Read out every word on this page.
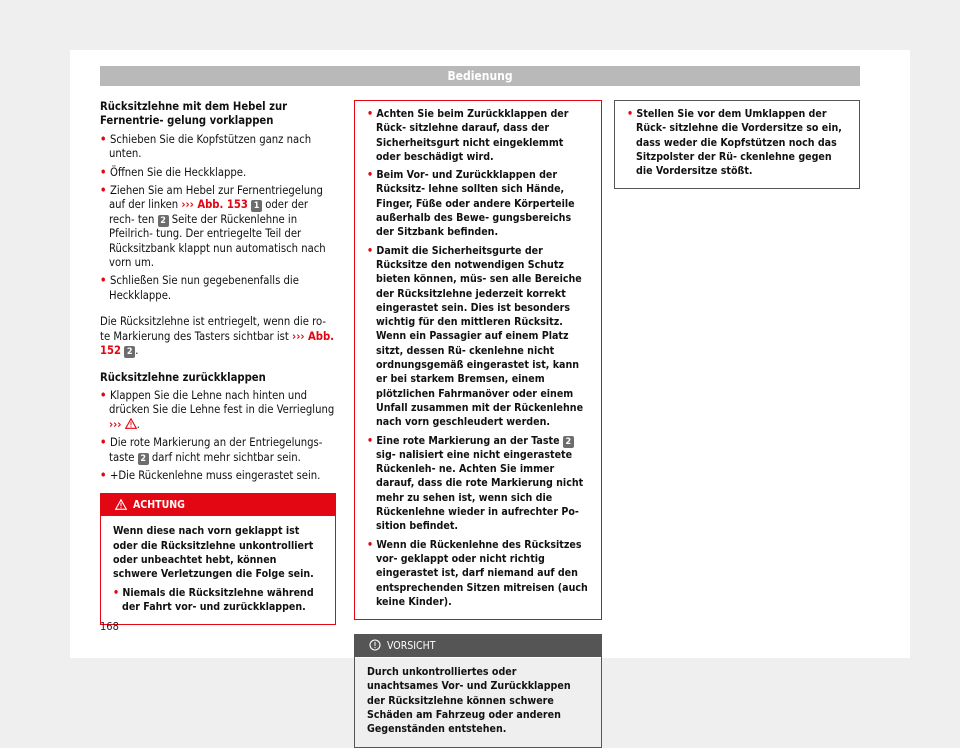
Bedienung

Rücksitzlehne mit dem Hebel zur Fernentrie- gelung vorklappen

• Schieben Sie die Kopfstützen ganz nach unten.
• Öffnen Sie die Heckklappe.
• Ziehen Sie am Hebel zur Fernentriegelung auf der linken ››› Abb. 153 1 oder der rech- ten 2 Seite der Rückenlehne in Pfeilrich- tung. Der entriegelte Teil der Rücksitzbank klappt nun automatisch nach vorn um.
• Schließen Sie nun gegebenenfalls die Heckklappe.

Die Rücksitzlehne ist entriegelt, wenn die ro- te Markierung des Tasters sichtbar ist ››› Abb. 152 2 .

Rücksitzlehne zurückklappen

• Klappen Sie die Lehne nach hinten und drücken Sie die Lehne fest in die Verrieglung ››› .
• Die rote Markierung an der Entriegelungs- taste 2 darf nicht mehr sichtbar sein.
• +Die Rückenlehne muss eingerastet sein.
ACHTUNG

Wenn diese nach vorn geklappt ist oder die Rücksitzlehne unkontrolliert oder unbeachtet hebt, können schwere Verletzungen die Folge sein.

• Niemals die Rücksitzlehne während der Fahrt vor- und zurückklappen.
• Achten Sie beim Zurückklappen der Rück- sitzlehne darauf, dass der Sicherheitsgurt nicht eingeklemmt oder beschädigt wird.
• Beim Vor- und Zurückklappen der Rücksitz- lehne sollten sich Hände, Finger, Füße oder andere Körperteile außerhalb des Bewe- gungsbereichs der Sitzbank befinden.
• Damit die Sicherheitsgurte der Rücksitze den notwendigen Schutz bieten können, müs- sen alle Bereiche der Rücksitzlehne jederzeit korrekt eingerastet sein. Dies ist besonders wichtig für den mittleren Rücksitz. Wenn ein Passagier auf einem Platz sitzt, dessen Rü- ckenlehne nicht ordnungsgemäß eingerastet ist, kann er bei starkem Bremsen, einem plötzlichen Fahrmanöver oder einem Unfall zusammen mit der Rückenlehne nach vorn geschleudert werden.
• Eine rote Markierung an der Taste 2 sig- nalisiert eine nicht eingerastete Rückenleh- ne. Achten Sie immer darauf, dass die rote Markierung nicht mehr zu sehen ist, wenn sich die Rückenlehne wieder in aufrechter Po- sition befindet.
• Wenn die Rückenlehne des Rücksitzes vor- geklappt oder nicht richtig eingerastet ist, darf niemand auf den entsprechenden Sitzen mitreisen (auch keine Kinder).
VORSICHT

Durch unkontrolliertes oder unachtsames Vor- und Zurückklappen der Rücksitzlehne können schwere Schäden am Fahrzeug oder anderen Gegenständen entstehen.

• Stellen Sie vor dem Umklappen der Rück- sitzlehne die Vordersitze so ein, dass weder die Kopfstützen noch das Sitzpolster der Rü- ckenlehne gegen die Vordersitze stößt.
168
